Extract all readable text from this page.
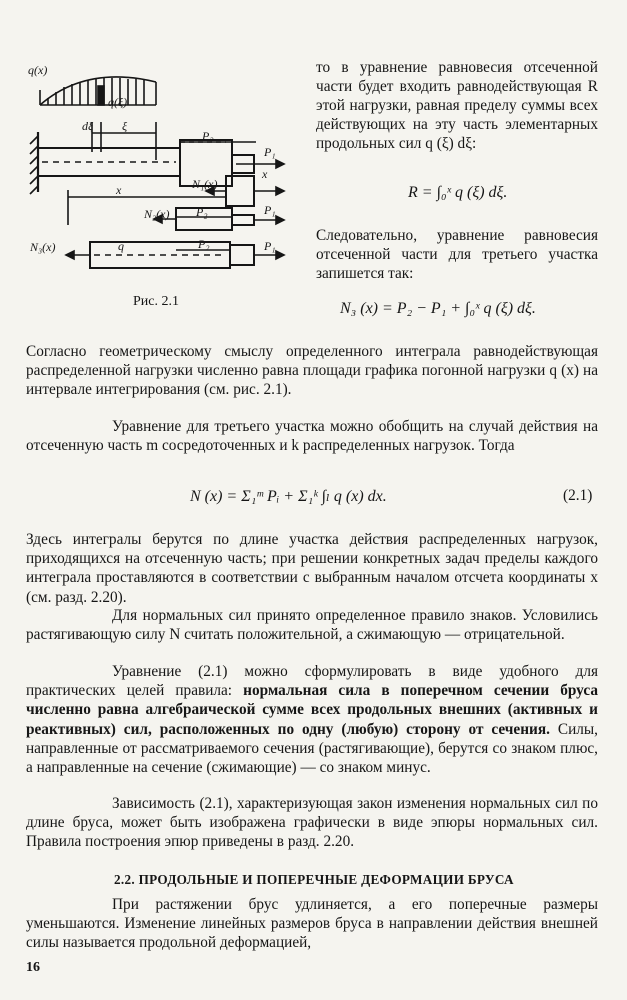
q(x)
q(ξ)
dξ ξ
x
x
P₂
P₁
N₁(x)
N₂(x) P₂	P₁
N₃(x)	q	P₂	P₁
Рис. 2.1

то в уравнение равновесия отсеченной части будет входить равнодействующая R этой нагрузки, равная пределу суммы всех действующих на эту часть элементарных продольных сил q (ξ) dξ:

R = ∫₀ˣ q (ξ) dξ.

Следовательно, уравнение равновесия отсеченной части для третьего участка запишется так:

N₃ (x) = P₂ − P₁ + ∫₀ˣ q (ξ) dξ.

Согласно геометрическому смыслу определенного интеграла равнодействующая распределенной нагрузки численно равна площади графика погонной нагрузки q (x) на интервале интегрирования (см. рис. 2.1).

Уравнение для третьего участка можно обобщить на случай действия на отсеченную часть m сосредоточенных и k распределенных нагрузок. Тогда

N (x) = Σ₁ᵐ Pᵢ + Σ₁ᵏ ∫ₗ q (x) dx.	(2.1)

Здесь интегралы берутся по длине участка действия распределенных нагрузок, приходящихся на отсеченную часть; при решении конкретных задач пределы каждого интеграла проставляются в соответствии с выбранным началом отсчета координаты x (см. разд. 2.20).

Для нормальных сил принято определенное правило знаков. Условились растягивающую силу N считать положительной, а сжимающую — отрицательной.

Уравнение (2.1) можно сформулировать в виде удобного для практических целей правила: нормальная сила в поперечном сечении бруса численно равна алгебраической сумме всех продольных внешних (активных и реактивных) сил, расположенных по одну (любую) сторону от сечения. Силы, направленные от рассматриваемого сечения (растягивающие), берутся со знаком плюс, а направленные на сечение (сжимающие) — со знаком минус.

Зависимость (2.1), характеризующая закон изменения нормальных сил по длине бруса, может быть изображена графически в виде эпюры нормальных сил. Правила построения эпюр приведены в разд. 2.20.

2.2. ПРОДОЛЬНЫЕ И ПОПЕРЕЧНЫЕ ДЕФОРМАЦИИ БРУСА

При растяжении брус удлиняется, а его поперечные размеры уменьшаются. Изменение линейных размеров бруса в направлении действия внешней силы называется продольной деформацией,

16
